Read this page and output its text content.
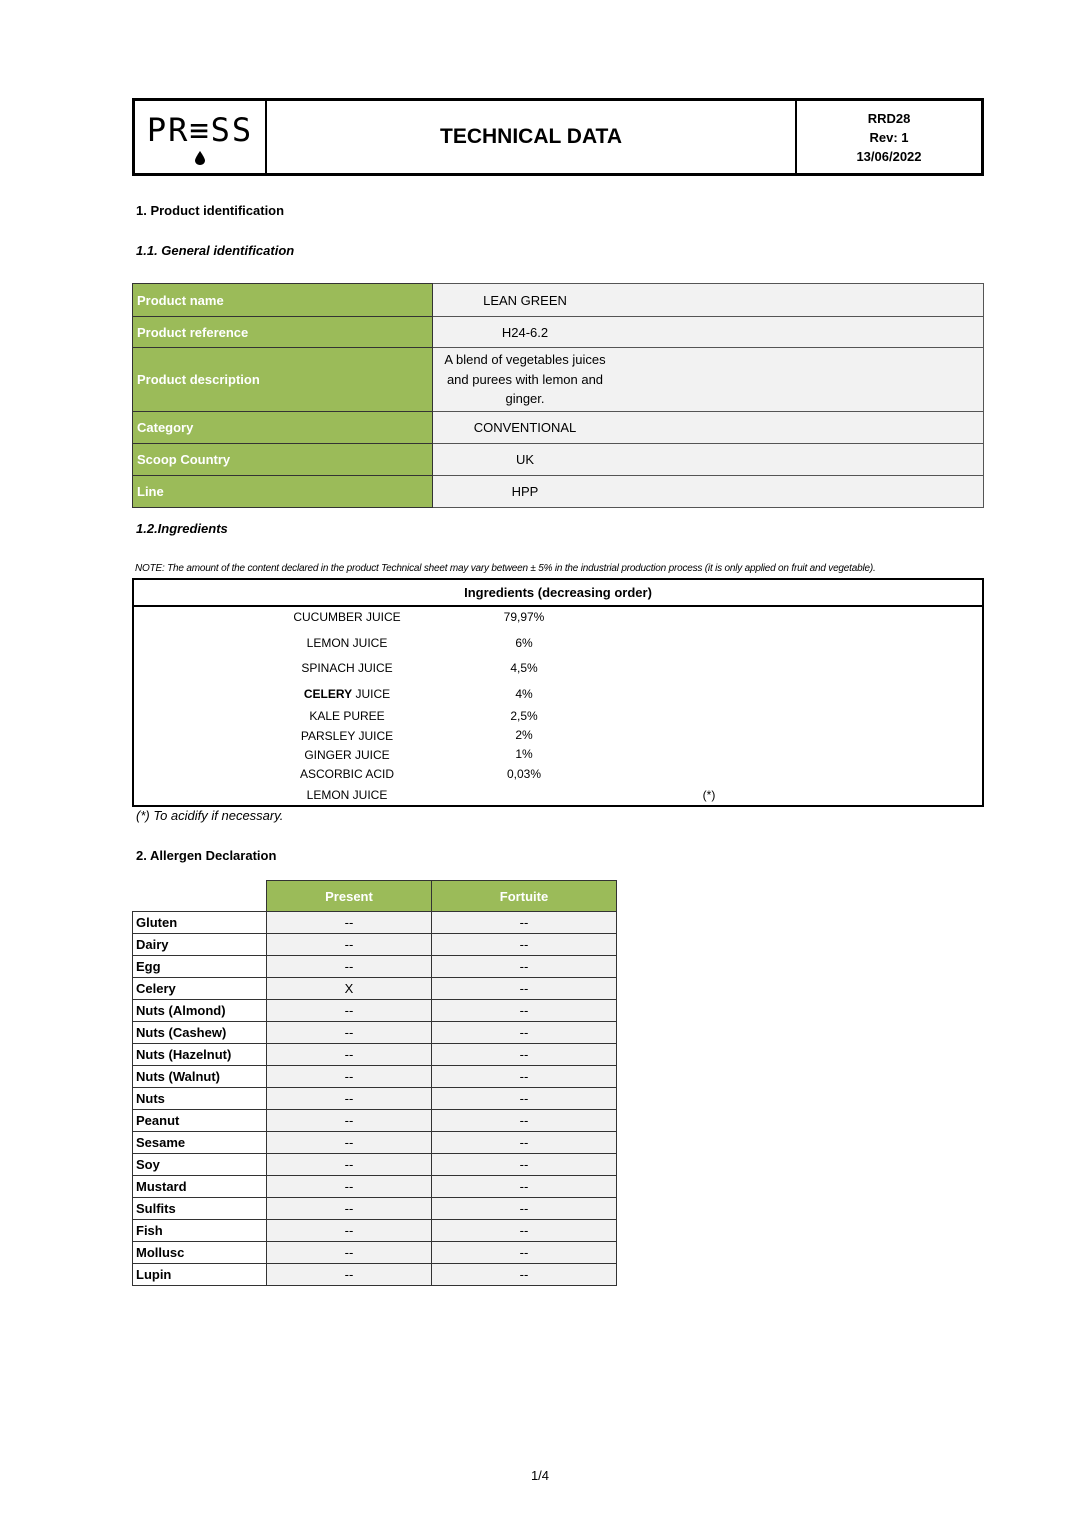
PR≡SS	TECHNICAL DATA
RRD28
Rev: 1
13/06/2022
1. Product identification
1.1. General identification
Product name	LEAN GREEN

Product reference	H24-6.2

Product description	A blend of vegetables juices
and purees with lemon and
ginger.

Category	CONVENTIONAL

Scoop Country	UK

Line	HPP
1.2.Ingredients
NOTE: The amount of the content declared in the product Technical sheet may vary between ± 5% in the industrial production process (it is only applied on fruit and vegetable).
Ingredients (decreasing order)
CUCUMBER JUICE	79,97%
LEMON JUICE	6%
SPINACH JUICE	4,5%
CELERY JUICE	4%
KALE PUREE	2,5%
PARSLEY JUICE	2%
GINGER JUICE	1%
ASCORBIC ACID	0,03%
LEMON JUICE	(*)
(*) To acidify if necessary.
2. Allergen Declaration
	Present	Fortuite
Gluten	--	--
Dairy	--	--
Egg	--	--
Celery	X	--
Nuts (Almond)	--	--
Nuts (Cashew)	--	--
Nuts (Hazelnut)	--	--
Nuts (Walnut)	--	--
Nuts	--	--
Peanut	--	--
Sesame	--	--
Soy	--	--
Mustard	--	--
Sulfits	--	--
Fish	--	--
Mollusc	--	--
Lupin	--	--
1/4
